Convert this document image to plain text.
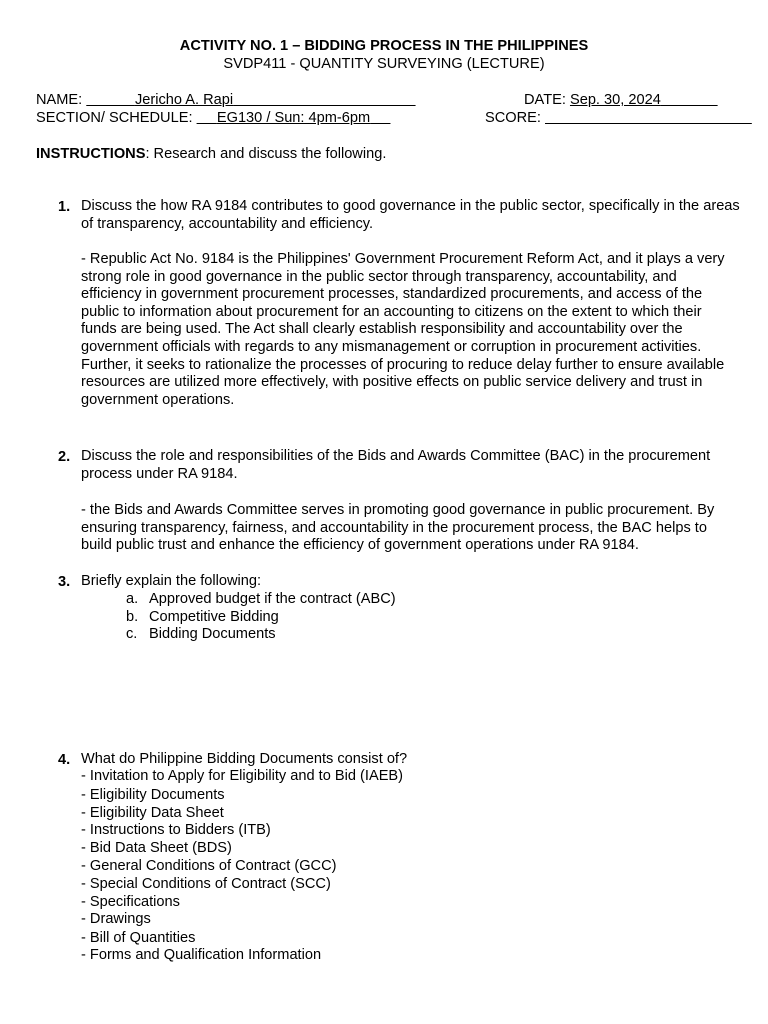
ACTIVITY NO. 1 – BIDDING PROCESS IN THE PHILIPPINES
SVDP411 - QUANTITY SURVEYING (LECTURE)
NAME:	Jericho A. Rapi	DATE: Sep. 30, 2024
SECTION/ SCHEDULE: EG130 / Sun: 4pm-6pm	SCORE:
INSTRUCTIONS: Research and discuss the following.
1. Discuss the how RA 9184 contributes to good governance in the public sector, specifically in the areas of transparency, accountability and efficiency.
- Republic Act No. 9184 is the Philippines' Government Procurement Reform Act, and it plays a very strong role in good governance in the public sector through transparency, accountability, and efficiency in government procurement processes, standardized procurements, and access of the public to information about procurement for an accounting to citizens on the extent to which their funds are being used. The Act shall clearly establish responsibility and accountability over the government officials with regards to any mismanagement or corruption in procurement activities. Further, it seeks to rationalize the processes of procuring to reduce delay further to ensure available resources are utilized more effectively, with positive effects on public service delivery and trust in government operations.
2. Discuss the role and responsibilities of the Bids and Awards Committee (BAC) in the procurement process under RA 9184.
- the Bids and Awards Committee serves in promoting good governance in public procurement. By ensuring transparency, fairness, and accountability in the procurement process, the BAC helps to build public trust and enhance the efficiency of government operations under RA 9184.
3. Briefly explain the following:
a. Approved budget if the contract (ABC)
b. Competitive Bidding
c. Bidding Documents
4. What do Philippine Bidding Documents consist of?
- Invitation to Apply for Eligibility and to Bid (IAEB)
- Eligibility Documents
- Eligibility Data Sheet
- Instructions to Bidders (ITB)
- Bid Data Sheet (BDS)
- General Conditions of Contract (GCC)
- Special Conditions of Contract (SCC)
- Specifications
- Drawings
- Bill of Quantities
- Forms and Qualification Information
